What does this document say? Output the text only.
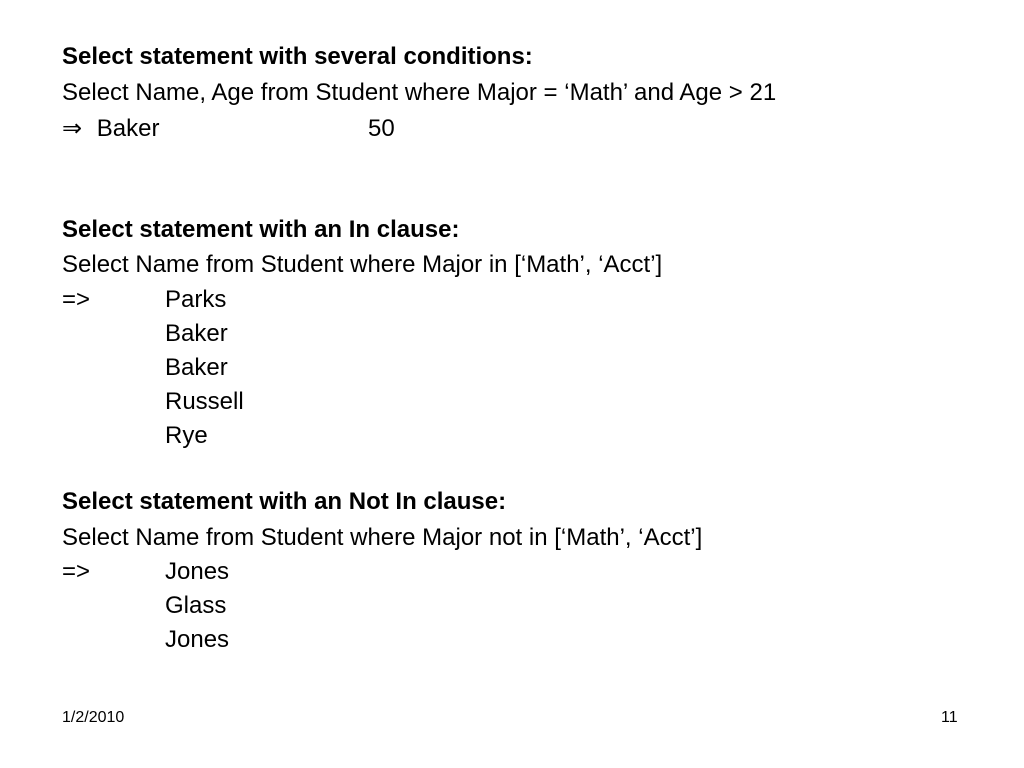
Select statement with several conditions:
Select Name, Age from Student where Major = ‘Math’ and Age > 21
⇒ Baker	50
Select statement with an In clause:
Select Name from Student where Major in [‘Math’, ‘Acct’]
=>	Parks
Baker
Baker
Russell
Rye
Select statement with an Not In clause:
Select Name from Student where Major not in [‘Math’, ‘Acct’]
=>	Jones
Glass
Jones
1/2/2010	11
